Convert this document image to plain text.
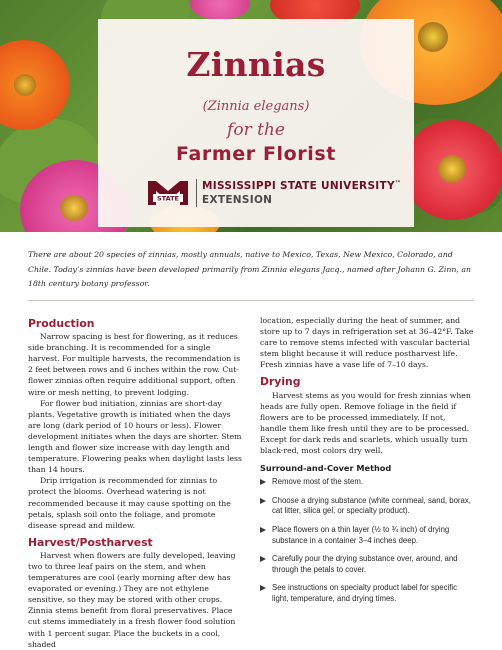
Zinnias
(Zinnia elegans)
for the
Farmer Florist
STATE
MISSISSIPPI STATE UNIVERSITY™
EXTENSION

There are about 20 species of zinnias, mostly annuals, native to Mexico, Texas, New Mexico, Colorado, and Chile. Today’s zinnias have been developed primarily from Zinnia elegans Jacq., named after Johann G. Zinn, an 18th century botany professor.

Production

Narrow spacing is best for flowering, as it reduces side branching. It is recommended for a single harvest. For multiple harvests, the recommendation is 2 feet between rows and 6 inches within the row. Cut-flower zinnias often require additional support, often wire or mesh netting, to prevent lodging.

For flower bud initiation, zinnias are short-day plants. Vegetative growth is initiated when the days are long (dark period of 10 hours or less). Flower development initiates when the days are shorter. Stem length and flower size increase with day length and temperature. Flowering peaks when daylight lasts less than 14 hours.

Drip irrigation is recommended for zinnias to protect the blooms. Overhead watering is not recommended because it may cause spotting on the petals, splash soil onto the foliage, and promote disease spread and mildew.

Harvest/Postharvest

Harvest when flowers are fully developed, leaving two to three leaf pairs on the stem, and when temperatures are cool (early morning after dew has evaporated or evening.) They are not ethylene sensitive, so they may be stored with other crops. Zinnia stems benefit from floral preservatives. Place cut stems immediately in a fresh flower food solution with 1 percent sugar. Place the buckets in a cool, shaded

location, especially during the heat of summer, and store up to 7 days in refrigeration set at 36–42°F. Take care to remove stems infected with vascular bacterial stem blight because it will reduce postharvest life. Fresh zinnias have a vase life of 7–10 days.

Drying

Harvest stems as you would for fresh zinnias when heads are fully open. Remove foliage in the field if flowers are to be processed immediately. If not, handle them like fresh until they are to be processed. Except for dark reds and scarlets, which usually turn black-red, most colors dry well.

Surround-and-Cover Method
Remove most of the stem.
Choose a drying substance (white cornmeal, sand, borax, cat litter, silica gel, or specialty product).
Place flowers on a thin layer (½ to ¾ inch) of drying substance in a container 3–4 inches deep.
Carefully pour the drying substance over, around, and through the petals to cover.
See instructions on specialty product label for specific light, temperature, and drying times.
